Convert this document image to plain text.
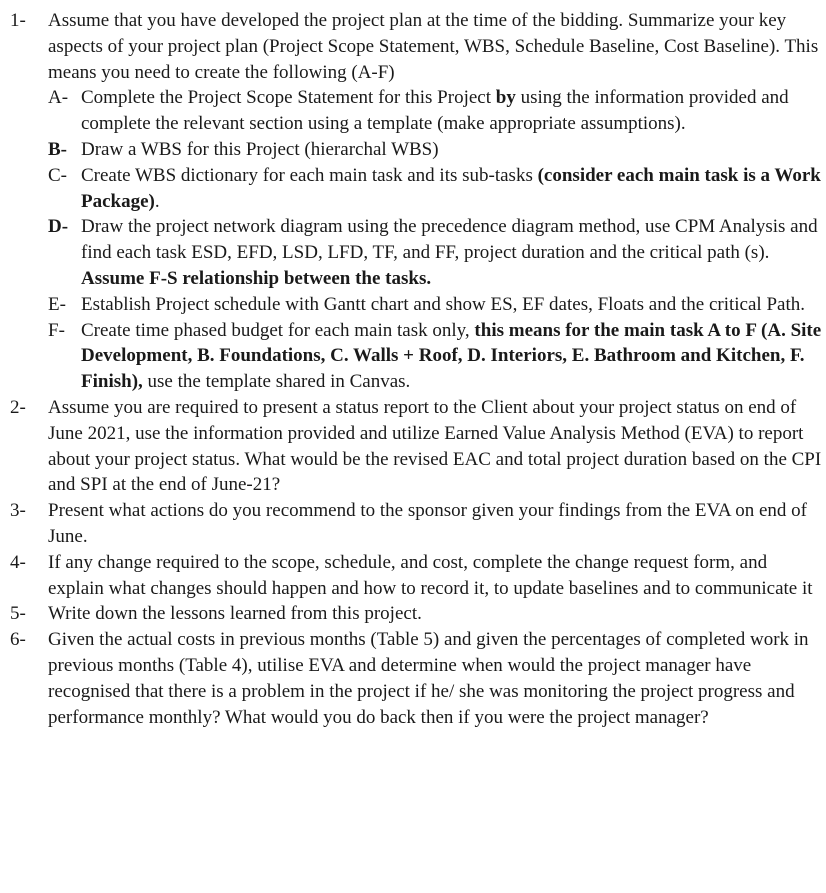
1-	Assume that you have developed the project plan at the time of the bidding. Summarize your key aspects of your project plan (Project Scope Statement, WBS, Schedule Baseline, Cost Baseline). This means you need to create the following (A-F)
A- Complete the Project Scope Statement for this Project by using the information provided and complete the relevant section using a template (make appropriate assumptions).
B- Draw a WBS for this Project (hierarchal WBS)
C- Create WBS dictionary for each main task and its sub-tasks (consider each main task is a Work Package).
D- Draw the project network diagram using the precedence diagram method, use CPM Analysis and find each task ESD, EFD, LSD, LFD, TF, and FF, project duration and the critical path (s). Assume F-S relationship between the tasks.
E- Establish Project schedule with Gantt chart and show ES, EF dates, Floats and the critical Path.
F- Create time phased budget for each main task only, this means for the main task A to F (A. Site Development, B. Foundations, C. Walls + Roof, D. Interiors, E. Bathroom and Kitchen, F. Finish), use the template shared in Canvas.
2-	Assume you are required to present a status report to the Client about your project status on end of June 2021, use the information provided and utilize Earned Value Analysis Method (EVA) to report about your project status. What would be the revised EAC and total project duration based on the CPI and SPI at the end of June-21?
3-	Present what actions do you recommend to the sponsor given your findings from the EVA on end of June.
4-	If any change required to the scope, schedule, and cost, complete the change request form, and explain what changes should happen and how to record it, to update baselines and to communicate it
5-	Write down the lessons learned from this project.
6-	Given the actual costs in previous months (Table 5) and given the percentages of completed work in previous months (Table 4), utilise EVA and determine when would the project manager have recognised that there is a problem in the project if he/ she was monitoring the project progress and performance monthly? What would you do back then if you were the project manager?
